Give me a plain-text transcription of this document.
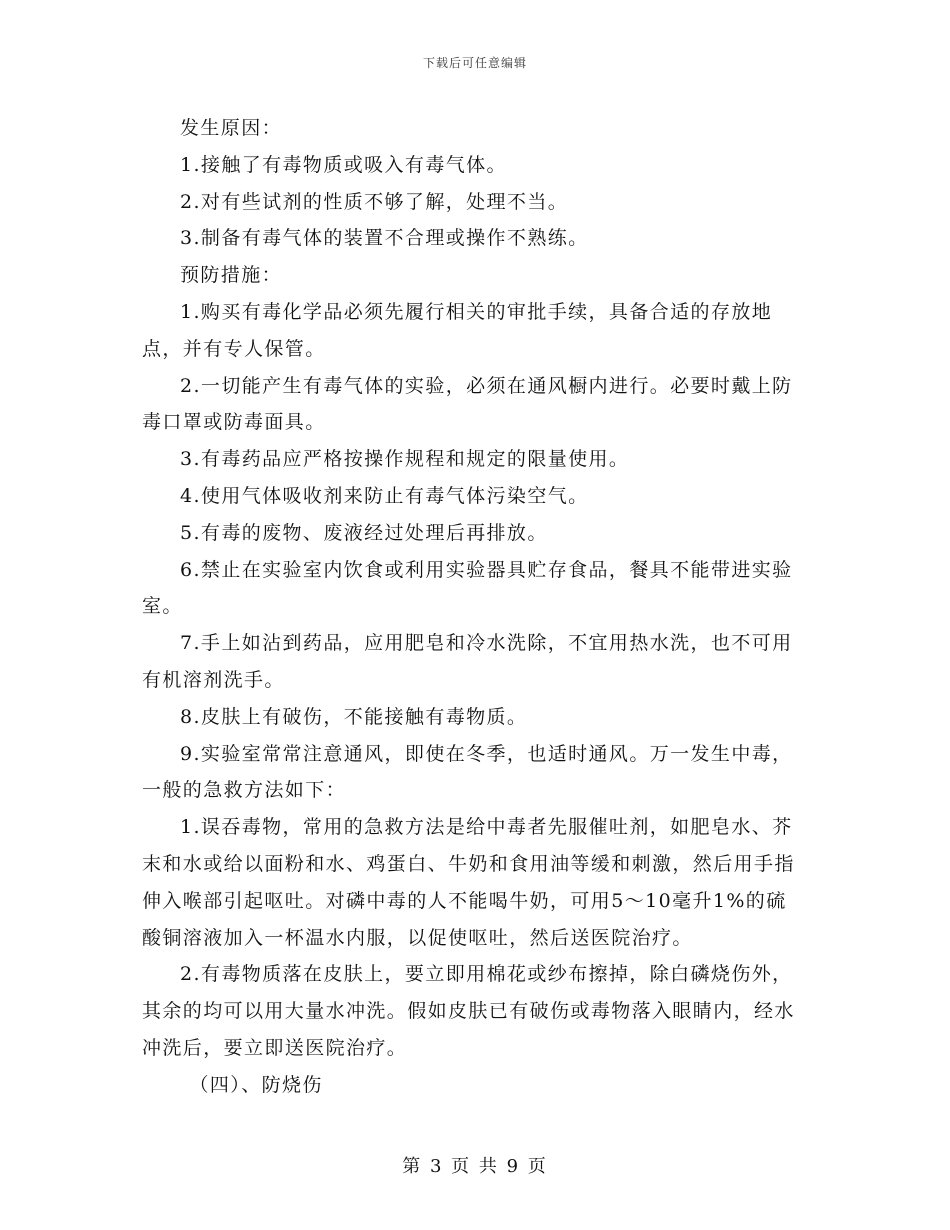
下载后可任意编辑

发生原因：

1.接触了有毒物质或吸入有毒气体。

2.对有些试剂的性质不够了解，处理不当。

3.制备有毒气体的装置不合理或操作不熟练。

预防措施：

1.购买有毒化学品必须先履行相关的审批手续，具备合适的存放地点，并有专人保管。

2.一切能产生有毒气体的实验，必须在通风橱内进行。必要时戴上防毒口罩或防毒面具。

3.有毒药品应严格按操作规程和规定的限量使用。

4.使用气体吸收剂来防止有毒气体污染空气。

5.有毒的废物、废液经过处理后再排放。

6.禁止在实验室内饮食或利用实验器具贮存食品，餐具不能带进实验室。

7.手上如沾到药品，应用肥皂和冷水洗除，不宜用热水洗，也不可用有机溶剂洗手。

8.皮肤上有破伤，不能接触有毒物质。

9.实验室常常注意通风，即使在冬季，也适时通风。万一发生中毒，一般的急救方法如下：

1.误吞毒物，常用的急救方法是给中毒者先服催吐剂，如肥皂水、芥末和水或给以面粉和水、鸡蛋白、牛奶和食用油等缓和刺激，然后用手指伸入喉部引起呕吐。对磷中毒的人不能喝牛奶，可用5～10毫升1%的硫酸铜溶液加入一杯温水内服，以促使呕吐，然后送医院治疗。

2.有毒物质落在皮肤上，要立即用棉花或纱布擦掉，除白磷烧伤外，其余的均可以用大量水冲洗。假如皮肤已有破伤或毒物落入眼睛内，经水冲洗后，要立即送医院治疗。

（四）、防烧伤

第 3 页 共 9 页
